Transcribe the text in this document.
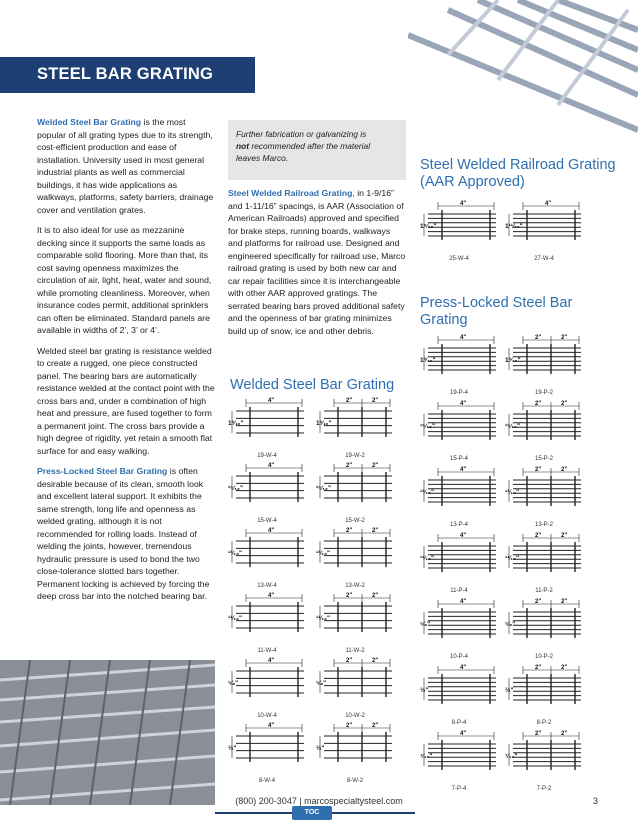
STEEL BAR GRATING

Welded Steel Bar Grating is the most popular of all grating types due to its strength, cost-efficient production and ease of installation. University used in most general industrial plants as well as commercial buildings, it has wide applications as walkways, platforms, safety barriers, drainage cover and ventilation grates.

It is to also ideal for use as mezzanine decking since it supports the same loads as comparable solid flooring. More than that, its cost saving openness maximizes the circulation of air, light, heat, water and sound, while promoting cleanliness. Moreover, when insurance codes permit, additional sprinklers can often be eliminated. Standard panels are available in widths of 2’, 3’ or 4’.

Welded steel bar grating is resistance welded to create a rugged, one piece constructed panel. The bearing bars are automatically resistance welded at the contact point with the cross bars and, under a combination of high heat and pressure, are fused together to form a permanent joint. The cross bars provide a high degree of rigidity, yet retain a smooth flat surface for and easy walking.

Press-Locked Steel Bar Grating is often desirable because of its clean, smooth look and excellent lateral support. It exhibits the same strength, long life and openness as welded grating, although it is not recommended for rolling loads. Instead of welding the joints, however, tremendous hydraulic pressure is used to bond the two close-tolerance slotted bars together. Permanent locking is achieved by forcing the deep cross bar into the notched bearing bar.

Further fabrication or galvanizing is
not recommended after the material
leaves Marco.
Steel Welded Railroad Grating, in 1-9/16” and 1-11/16” spacings, is AAR (Association of American Railroads) approved and specified for brake steps, running boards, walkways and platforms for railroad use. Designed and engineered specifically for railroad use, Marco railroad grating is used by both new car and car repair facilities since it is interchangeable with other AAR approved gratings. The serrated bearing bars proved additional safety and the openness of bar grating minimizes build up of snow, ice and other debris.
Steel Welded Railroad Grating (AAR Approved)
Press-Locked Steel Bar Grating
Welded Steel Bar Grating
4"
1⁹⁄₁₆"
25-W-4
4"
1¹¹⁄₁₆"
27-W-4
4"
1³⁄₁₆"
19-P-4
2"	2"
1³⁄₁₆"
19-P-2
4"
¹⁵⁄₁₆"
15-P-4
2"	2"
¹⁵⁄₁₆"
15-P-2
4"
¹³⁄₁₆"
13-P-4
2"	2"
¹³⁄₁₆"
13-P-2
4"
¹¹⁄₁₆"
11-P-4
2"	2"
¹¹⁄₁₆"
11-P-2
4"
⁵⁄₈"
10-P-4
2"	2"
⁵⁄₈"
10-P-2
4"
½"
8-P-4
2"	2"
½"
8-P-2
4"
⁷⁄₁₆"
7-P-4
2"	2"
⁷⁄₁₆"
7-P-2
4"
1³⁄₁₆"
19-W-4
2"	2"
1³⁄₁₆"
19-W-2
4"
¹⁵⁄₁₆"
15-W-4
2"	2"
¹⁵⁄₁₆"
15-W-2
4"
¹³⁄₁₆"
13-W-4
2"	2"
¹³⁄₁₆"
13-W-2
4"
¹¹⁄₁₆"
11-W-4
2"	2"
¹¹⁄₁₆"
11-W-2
4"
⁵⁄₈"
10-W-4
2"	2"
⁵⁄₈"
10-W-2
4"
½"
8-W-4
2"	2"
½"
8-W-2
(800) 200-3047 | marcospecialtysteel.com	3
TOC
